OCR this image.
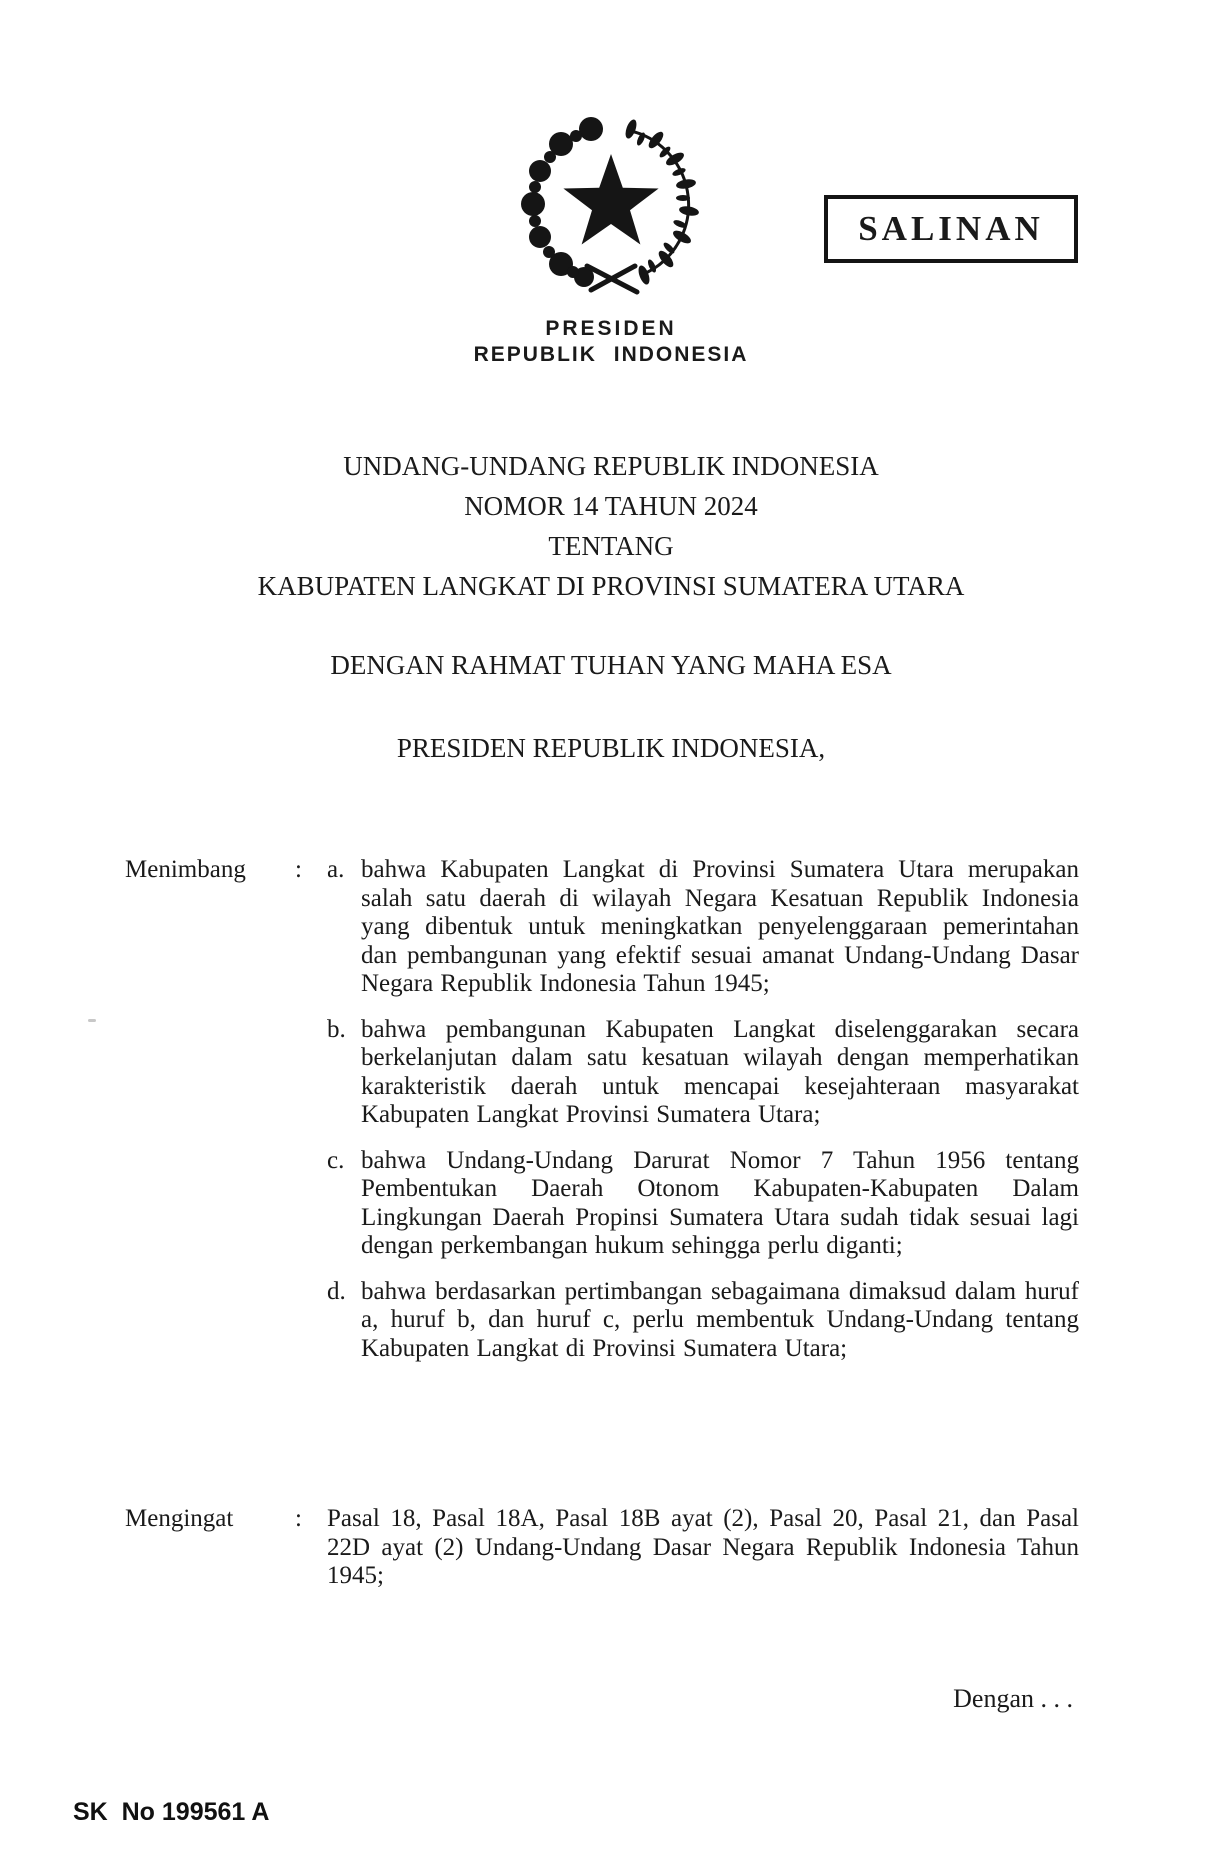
SALINAN
PRESIDEN
REPUBLIK INDONESIA
UNDANG-UNDANG REPUBLIK INDONESIA
NOMOR 14 TAHUN 2024
TENTANG
KABUPATEN LANGKAT DI PROVINSI SUMATERA UTARA
DENGAN RAHMAT TUHAN YANG MAHA ESA
PRESIDEN REPUBLIK INDONESIA,
Menimbang	:	a. bahwa Kabupaten Langkat di Provinsi Sumatera Utara merupakan salah satu daerah di wilayah Negara Kesatuan Republik Indonesia yang dibentuk untuk meningkatkan penyelenggaraan pemerintahan dan pembangunan yang efektif sesuai amanat Undang-Undang Dasar Negara Republik Indonesia Tahun 1945;
b. bahwa pembangunan Kabupaten Langkat diselenggarakan secara berkelanjutan dalam satu kesatuan wilayah dengan memperhatikan karakteristik daerah untuk mencapai kesejahteraan masyarakat Kabupaten Langkat Provinsi Sumatera Utara;
c. bahwa Undang-Undang Darurat Nomor 7 Tahun 1956 tentang Pembentukan Daerah Otonom Kabupaten-Kabupaten Dalam Lingkungan Daerah Propinsi Sumatera Utara sudah tidak sesuai lagi dengan perkembangan hukum sehingga perlu diganti;
d. bahwa berdasarkan pertimbangan sebagaimana dimaksud dalam huruf a, huruf b, dan huruf c, perlu membentuk Undang-Undang tentang Kabupaten Langkat di Provinsi Sumatera Utara;
Mengingat	:	Pasal 18, Pasal 18A, Pasal 18B ayat (2), Pasal 20, Pasal 21, dan Pasal 22D ayat (2) Undang-Undang Dasar Negara Republik Indonesia Tahun 1945;
Dengan . . .
SK  No 199561 A
